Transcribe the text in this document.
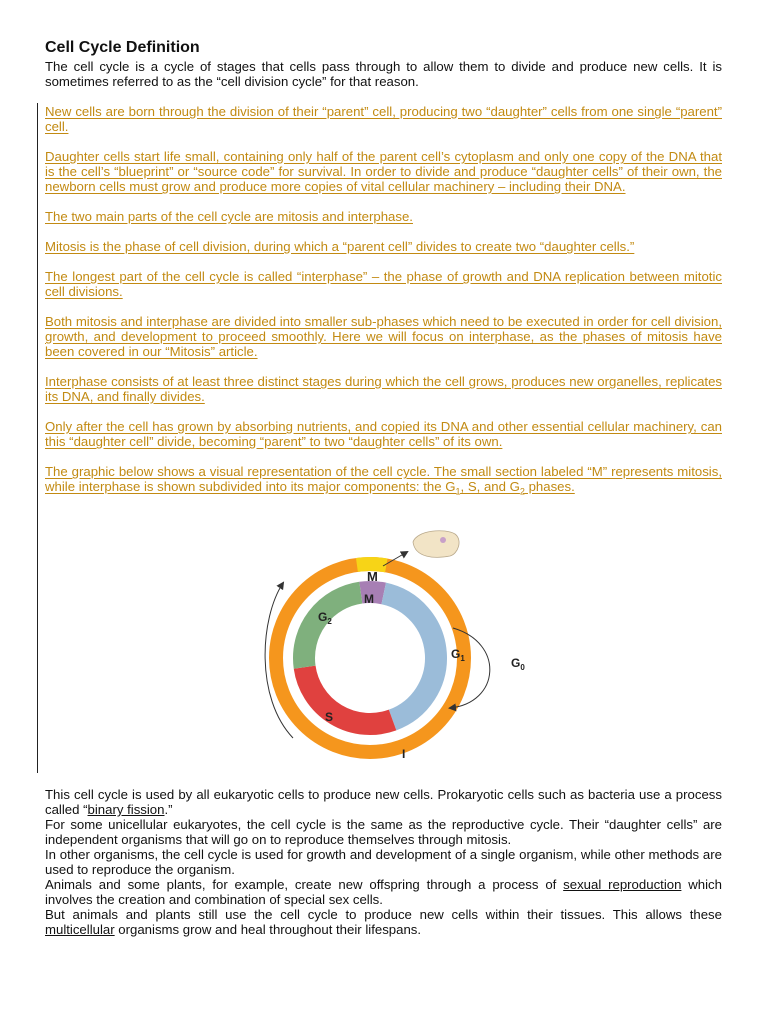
Cell Cycle Definition

The cell cycle is a cycle of stages that cells pass through to allow them to divide and produce new cells. It is sometimes referred to as the “cell division cycle” for that reason.

New cells are born through the division of their “parent” cell, producing two “daughter” cells from one single “parent” cell.

Daughter cells start life small, containing only half of the parent cell’s cytoplasm and only one copy of the DNA that is the cell’s “blueprint” or “source code” for survival. In order to divide and produce “daughter cells” of their own, the newborn cells must grow and produce more copies of vital cellular machinery – including their DNA.

The two main parts of the cell cycle are mitosis and interphase.

Mitosis is the phase of cell division, during which a “parent cell” divides to create two “daughter cells.”

The longest part of the cell cycle is called “interphase” – the phase of growth and DNA replication between mitotic cell divisions.

Both mitosis and interphase are divided into smaller sub-phases which need to be executed in order for cell division, growth, and development to proceed smoothly. Here we will focus on interphase, as the phases of mitosis have been covered in our “Mitosis” article.

Interphase consists of at least three distinct stages during which the cell grows, produces new organelles, replicates its DNA, and finally divides.

Only after the cell has grown by absorbing nutrients, and copied its DNA and other essential cellular machinery, can this “daughter cell” divide, becoming “parent” to two “daughter cells” of its own.

The graphic below shows a visual representation of the cell cycle. The small section labeled “M” represents mitosis, while interphase is shown subdivided into its major components: the $G_1$, S, and $G_2$ phases.

M
M
$G_2$
$G_1$	$G_0$
S
I

This cell cycle is used by all eukaryotic cells to produce new cells. Prokaryotic cells such as bacteria use a process called “binary fission.”

For some unicellular eukaryotes, the cell cycle is the same as the reproductive cycle. Their “daughter cells” are independent organisms that will go on to reproduce themselves through mitosis.

In other organisms, the cell cycle is used for growth and development of a single organism, while other methods are used to reproduce the organism.

Animals and some plants, for example, create new offspring through a process of sexual reproduction which involves the creation and combination of special sex cells.

But animals and plants still use the cell cycle to produce new cells within their tissues. This allows these multicellular organisms grow and heal throughout their lifespans.
